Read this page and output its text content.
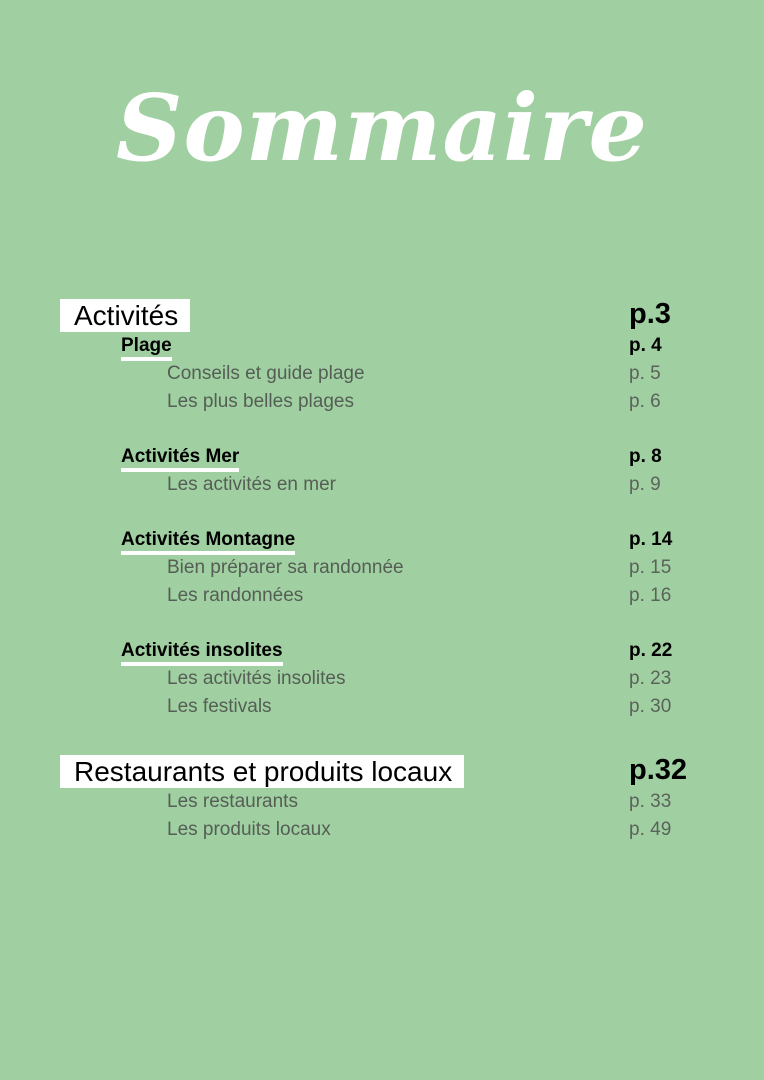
Sommaire
Activités	p.3
Plage	p. 4
Conseils et guide plage	p. 5
Les plus belles plages	p. 6
Activités Mer	p. 8
Les activités en mer	p. 9
Activités Montagne	p. 14
Bien préparer sa randonnée	p. 15
Les randonnées	p. 16
Activités insolites	p. 22
Les activités insolites	p. 23
Les festivals	p. 30
Restaurants et produits locaux	p.32
Les restaurants	p. 33
Les produits locaux	p. 49
